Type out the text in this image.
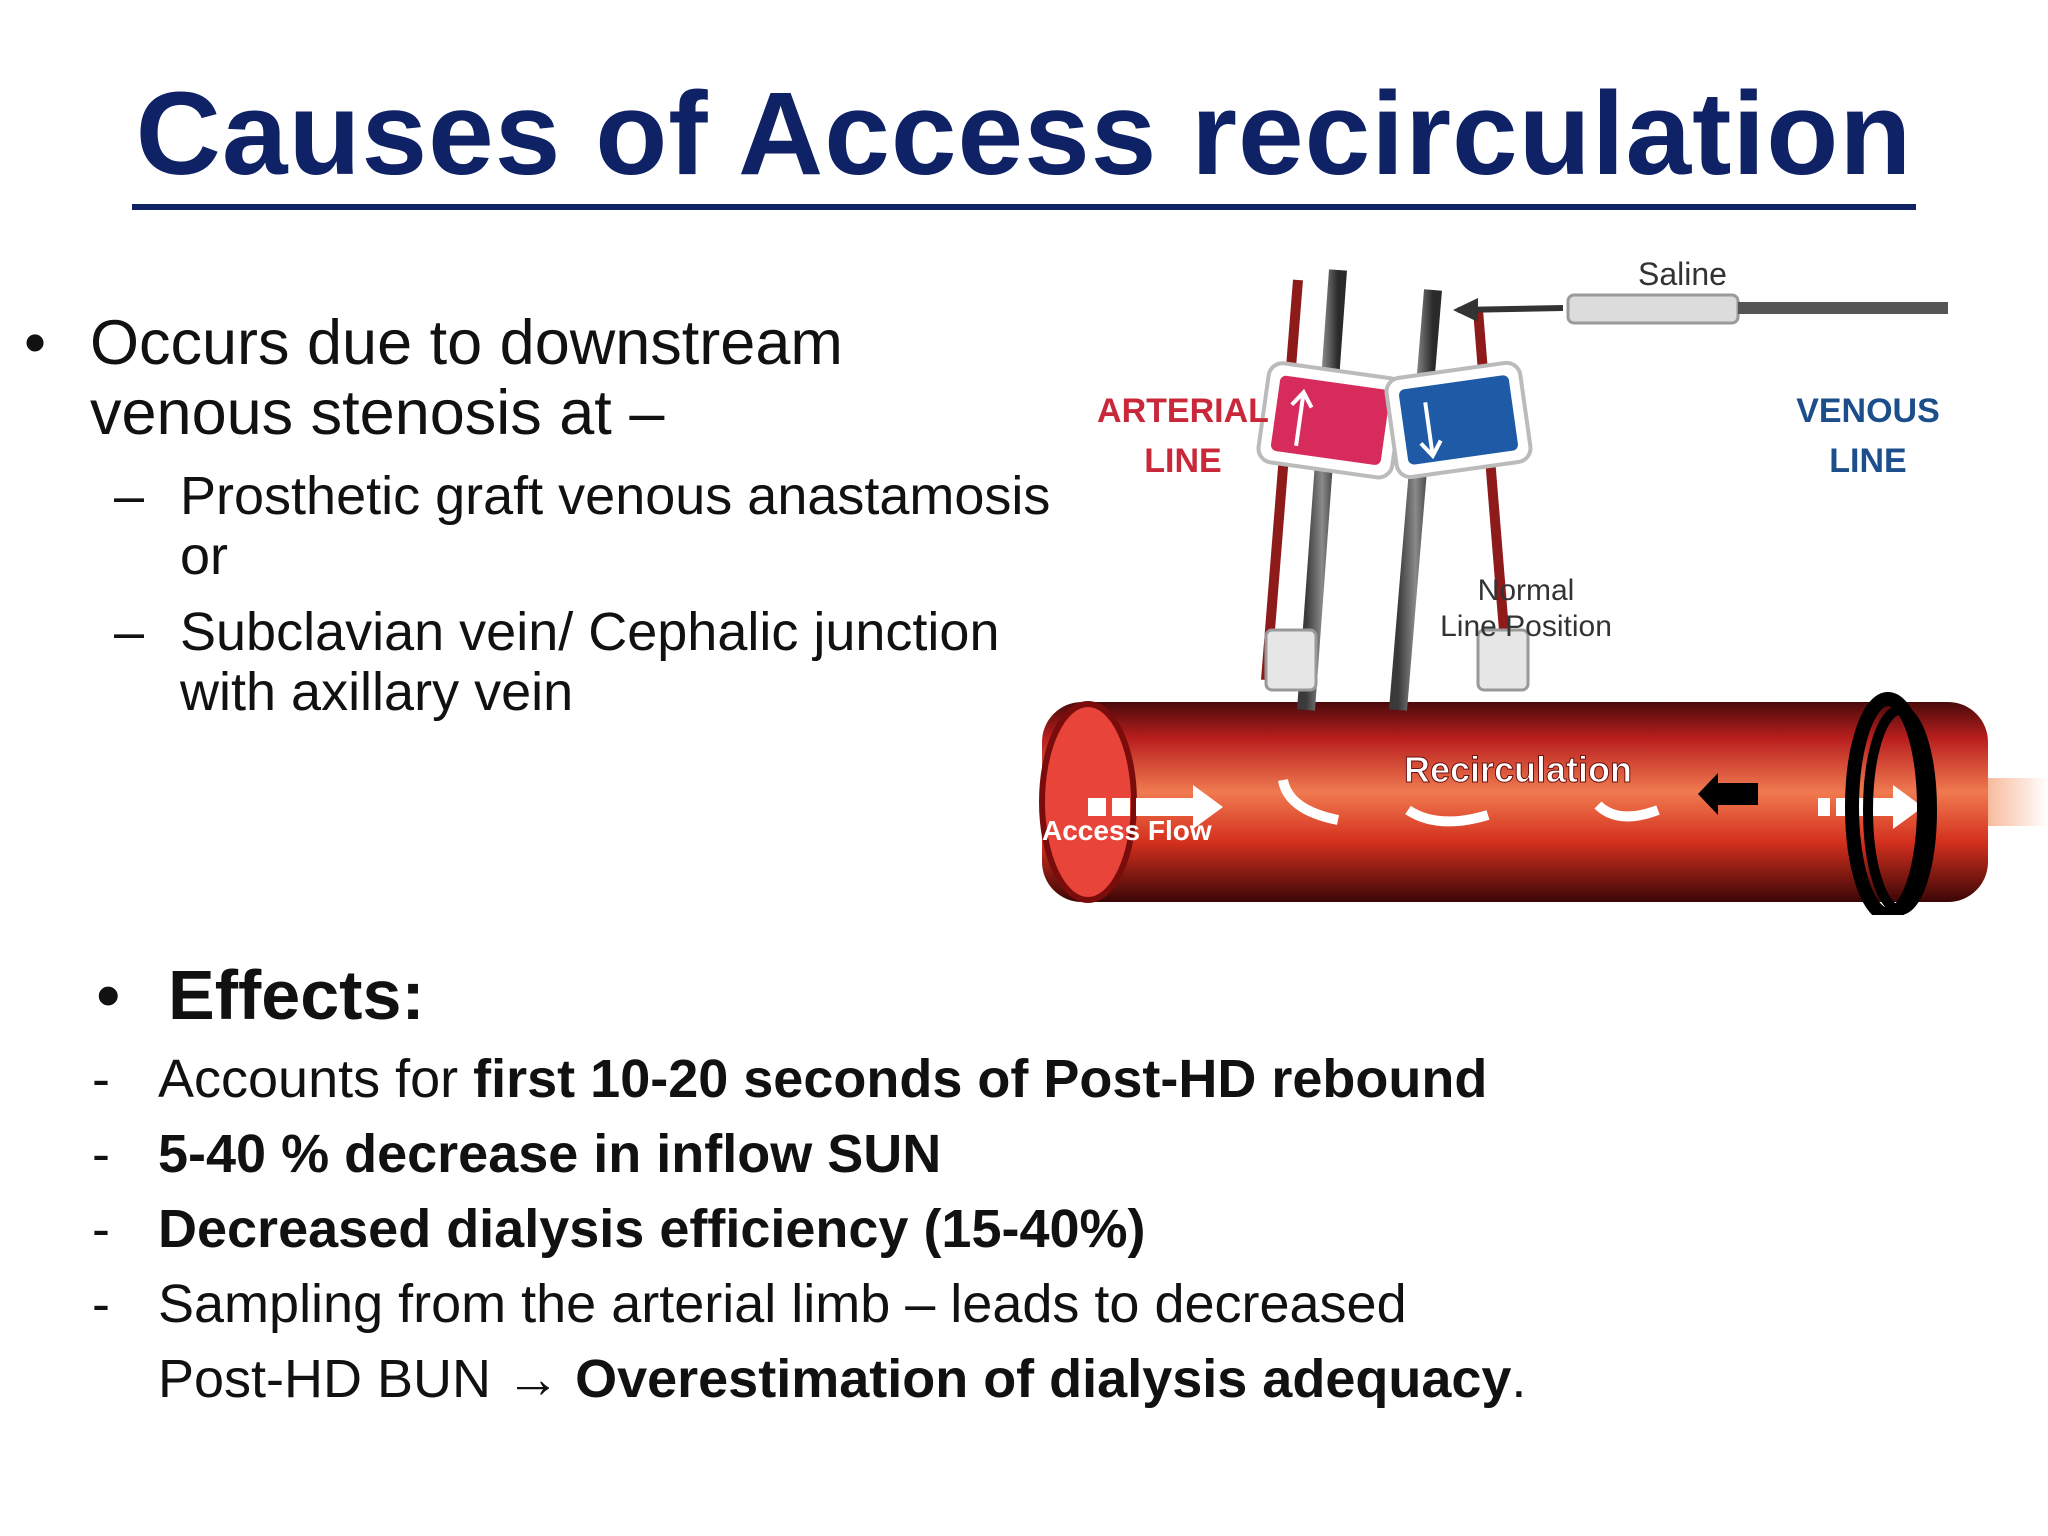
Causes of Access recirculation
• Occurs due to downstream
venous stenosis at –
– Prosthetic graft venous anastamosis
or
– Subclavian vein/ Cephalic junction
with axillary vein
• Effects:
- Accounts for first 10-20 seconds of Post-HD rebound
- 5-40 % decrease in inflow SUN
- Decreased dialysis efficiency (15-40%)
- Sampling from the arterial limb – leads to decreased
Post-HD BUN → Overestimation of dialysis adequacy.
Saline
ARTERIAL
LINE
VENOUS
LINE
Normal
Line Position
Recirculation
Access Flow
